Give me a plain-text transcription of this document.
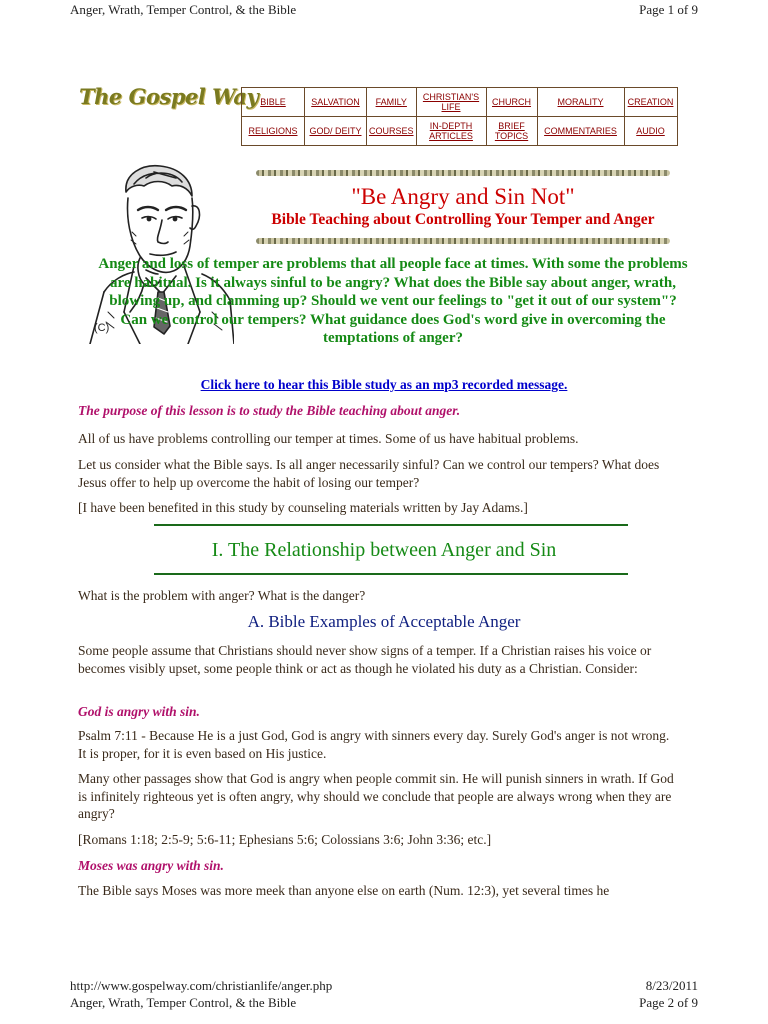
Anger, Wrath, Temper Control, & the Bible	Page 1 of 9
The Gospel Way BIBLE	SALVATION	FAMILY	CHRISTIAN'S LIFE	CHURCH	MORALITY	CREATION
RELIGIONS	GOD/ DEITY	COURSES	IN-DEPTH ARTICLES	BRIEF TOPICS	COMMENTARIES	AUDIO
(C)
"Be Angry and Sin Not"
Bible Teaching about Controlling Your Temper and Anger
Anger and loss of temper are problems that all people face at times. With some the problems are habitual. Is it always sinful to be angry? What does the Bible say about anger, wrath, blowing up, and clamming up? Should we vent our feelings to "get it out of our system"? Can we control our tempers? What guidance does God's word give in overcoming the temptations of anger?
Click here to hear this Bible study as an mp3 recorded message.
The purpose of this lesson is to study the Bible teaching about anger.
All of us have problems controlling our temper at times. Some of us have habitual problems.
Let us consider what the Bible says. Is all anger necessarily sinful? Can we control our tempers? What does Jesus offer to help up overcome the habit of losing our temper?
[I have been benefited in this study by counseling materials written by Jay Adams.]
I. The Relationship between Anger and Sin
What is the problem with anger? What is the danger?
A. Bible Examples of Acceptable Anger
Some people assume that Christians should never show signs of a temper. If a Christian raises his voice or becomes visibly upset, some people think or act as though he violated his duty as a Christian. Consider:
God is angry with sin.
Psalm 7:11 - Because He is a just God, God is angry with sinners every day. Surely God's anger is not wrong. It is proper, for it is even based on His justice.
Many other passages show that God is angry when people commit sin. He will punish sinners in wrath. If God is infinitely righteous yet is often angry, why should we conclude that people are always wrong when they are angry?
[Romans 1:18; 2:5-9; 5:6-11; Ephesians 5:6; Colossians 3:6; John 3:36; etc.]
Moses was angry with sin.
The Bible says Moses was more meek than anyone else on earth (Num. 12:3), yet several times he
http://www.gospelway.com/christianlife/anger.php	8/23/2011
Anger, Wrath, Temper Control, & the Bible	Page 2 of 9
